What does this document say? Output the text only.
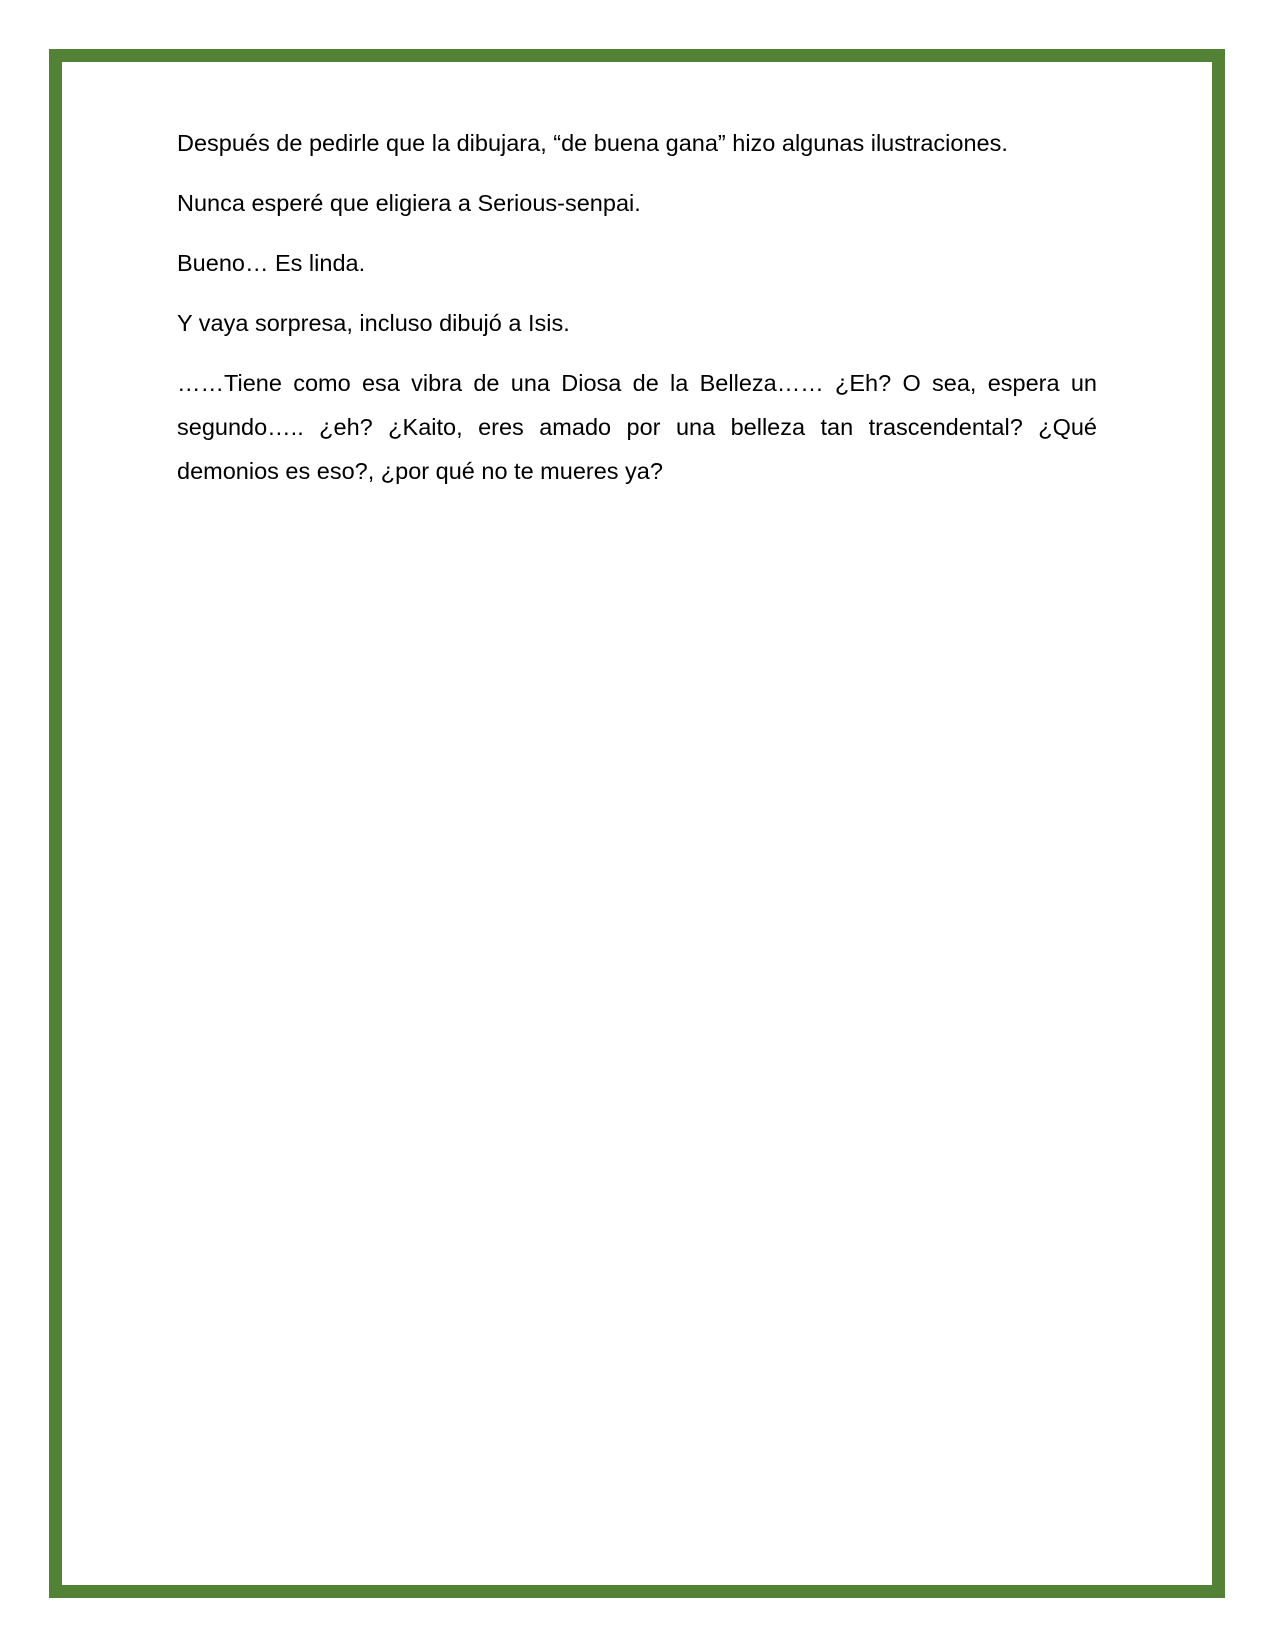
Después de pedirle que la dibujara, “de buena gana” hizo algunas ilustraciones.

Nunca esperé que eligiera a Serious-senpai.

Bueno… Es linda.

Y vaya sorpresa, incluso dibujó a Isis.

……Tiene como esa vibra de una Diosa de la Belleza…… ¿Eh? O sea, espera un segundo….. ¿eh? ¿Kaito, eres amado por una belleza tan trascendental? ¿Qué demonios es eso?, ¿por qué no te mueres ya?
